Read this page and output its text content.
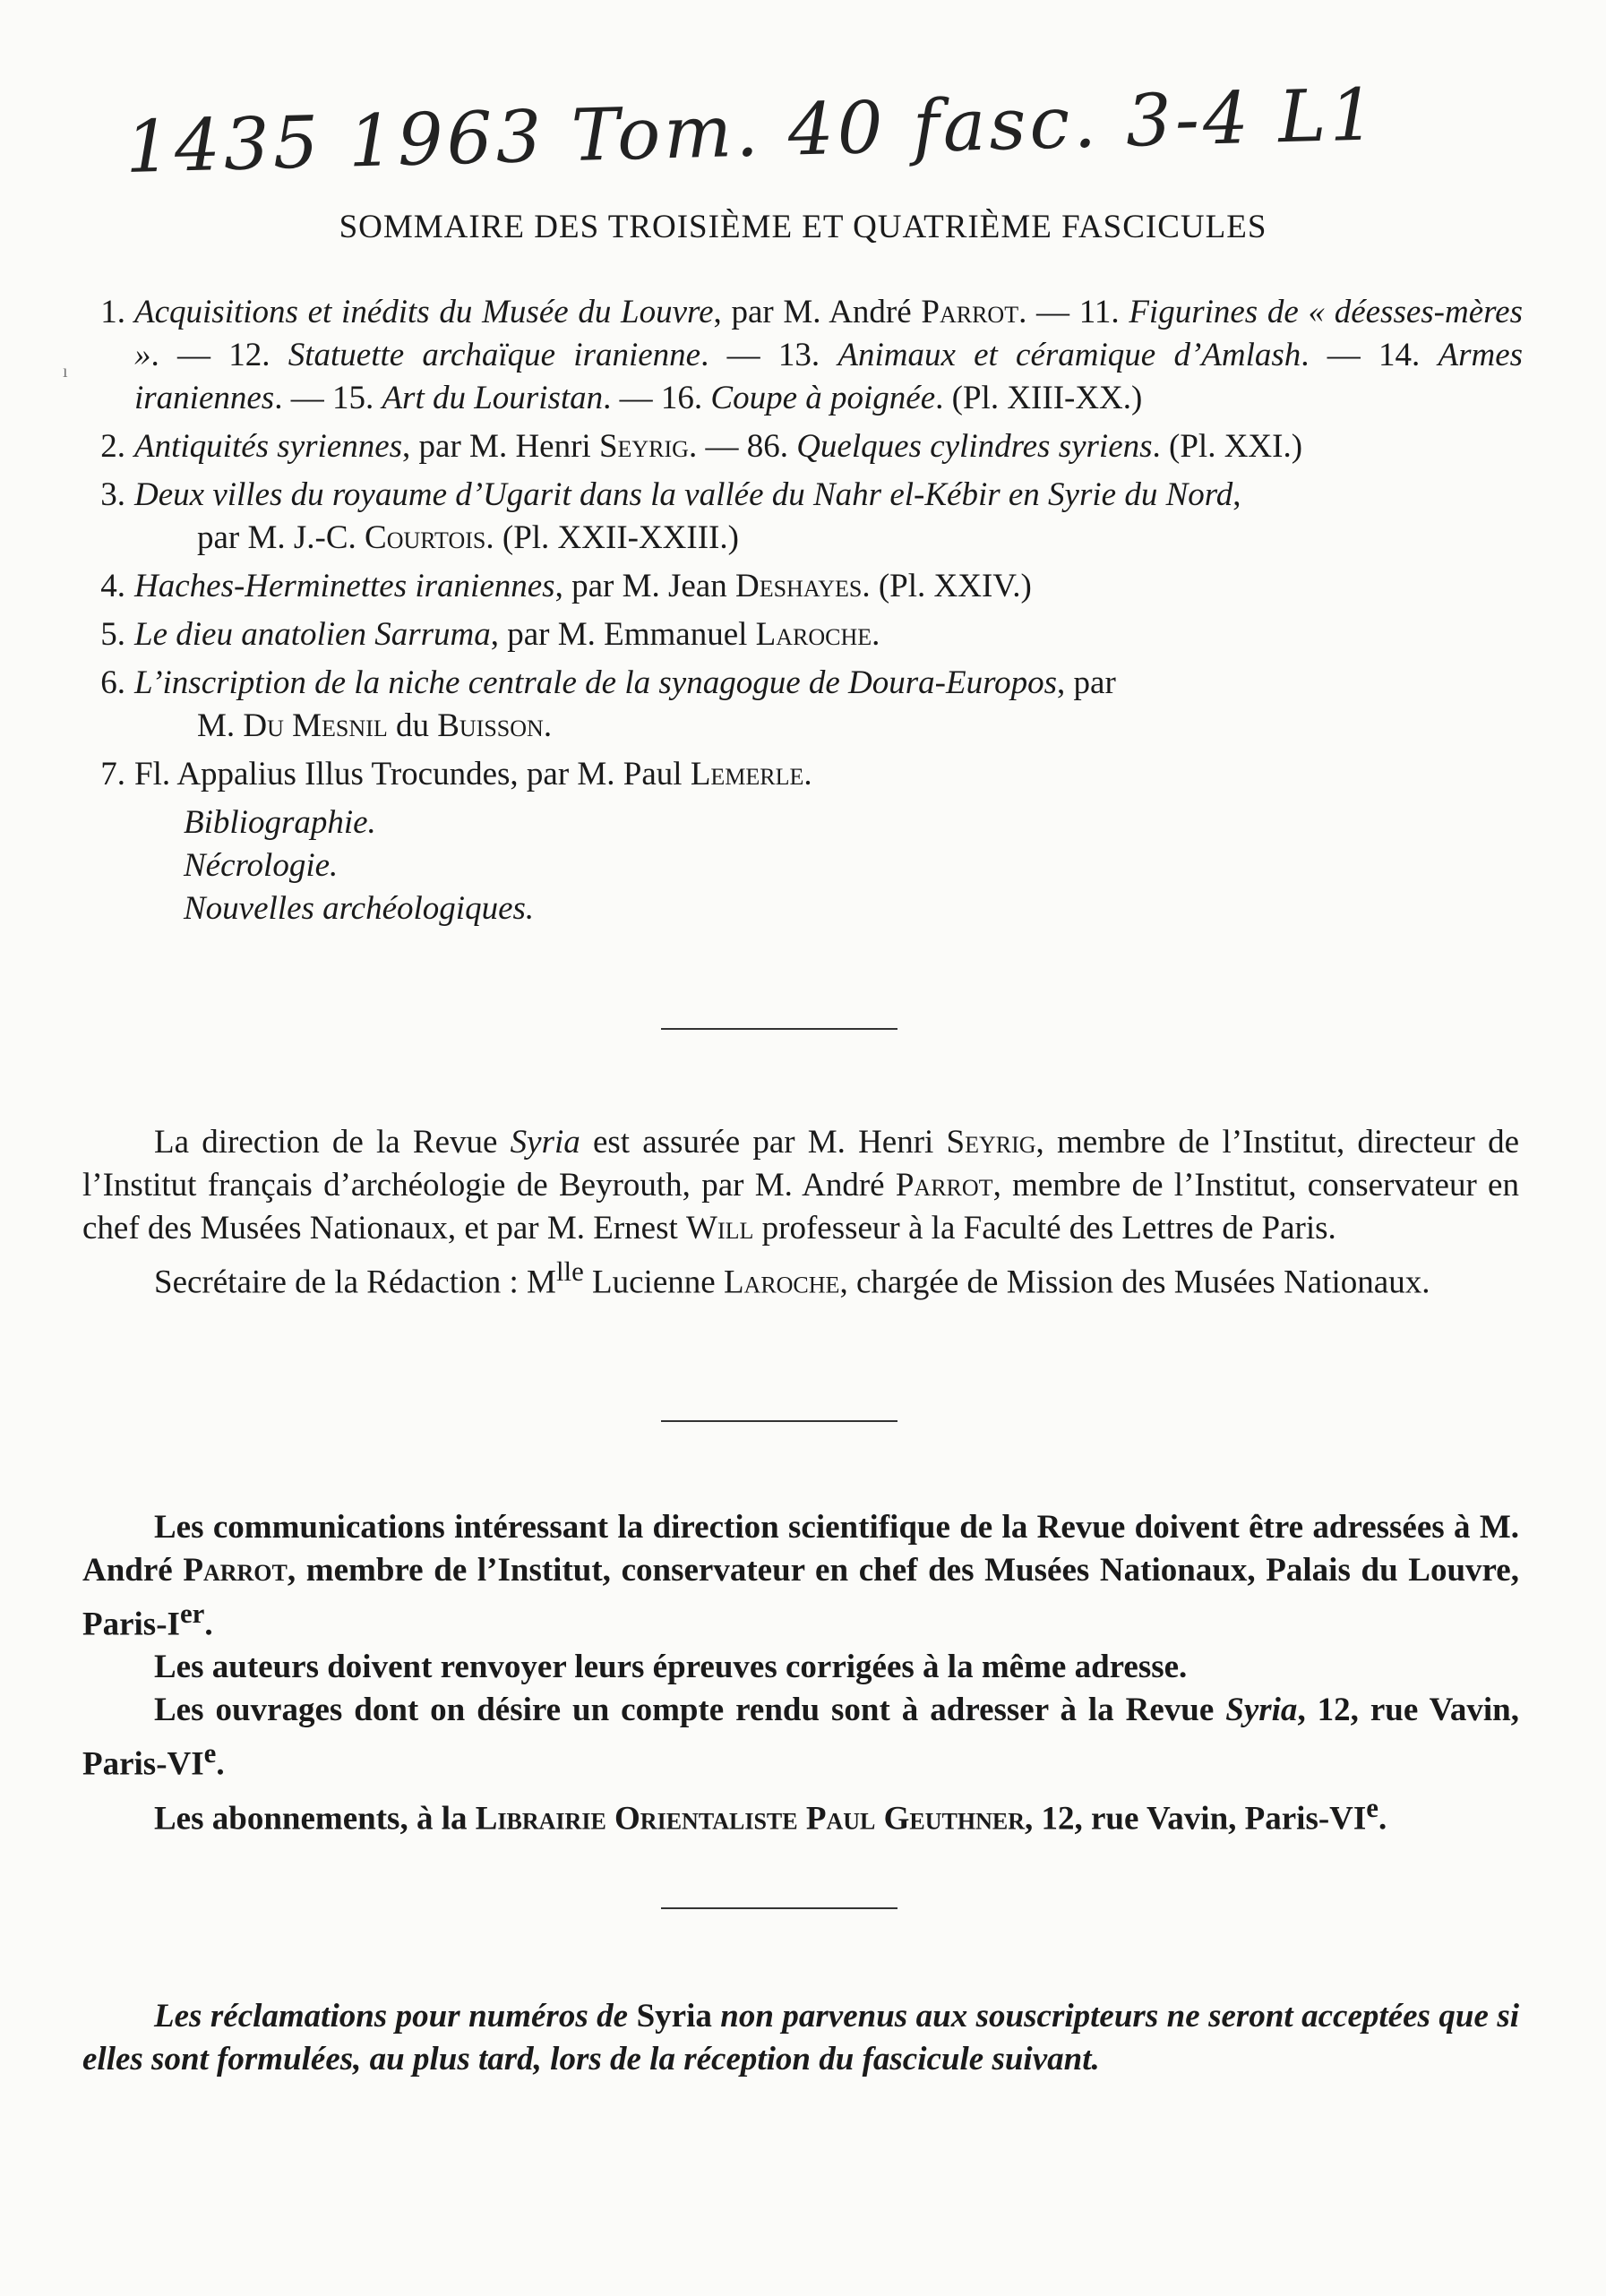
1435 1963 Tom. 40 fasc. 3-4 L1
SOMMAIRE DES TROISIÈME ET QUATRIÈME FASCICULES
ı
1. Acquisitions et inédits du Musée du Louvre, par M. André Parrot. — 11. Figurines de « déesses-mères ». — 12. Statuette archaïque iranienne. — 13. Animaux et céramique d’Amlash. — 14. Armes iraniennes. — 15. Art du Louristan. — 16. Coupe à poignée. (Pl. XIII-XX.)
2. Antiquités syriennes, par M. Henri Seyrig. — 86. Quelques cylindres syriens. (Pl. XXI.)
3. Deux villes du royaume d’Ugarit dans la vallée du Nahr el-Kébir en Syrie du Nord,
par M. J.-C. Courtois. (Pl. XXII-XXIII.)
4. Haches-Herminettes iraniennes, par M. Jean Deshayes. (Pl. XXIV.)
5. Le dieu anatolien Sarruma, par M. Emmanuel Laroche.
6. L’inscription de la niche centrale de la synagogue de Doura-Europos, par
M. Du Mesnil du Buisson.
7. Fl. Appalius Illus Trocundes, par M. Paul Lemerle.
Bibliographie.
Nécrologie.
Nouvelles archéologiques.

La direction de la Revue Syria est assurée par M. Henri Seyrig, membre de l’Institut, directeur de l’Institut français d’archéologie de Beyrouth, par M. André Parrot, membre de l’Institut, conservateur en chef des Musées Nationaux, et par M. Ernest Will professeur à la Faculté des Lettres de Paris.

Secrétaire de la Rédaction : $M^{lle}$ Lucienne Laroche, chargée de Mission des Musées Nationaux.

Les communications intéressant la direction scientifique de la Revue doivent être adressées à M. André Parrot, membre de l’Institut, conservateur en chef des Musées Nationaux, Palais du Louvre, Paris-Ier.

Les auteurs doivent renvoyer leurs épreuves corrigées à la même adresse.

Les ouvrages dont on désire un compte rendu sont à adresser à la Revue Syria, 12, rue Vavin, Paris-VIe.

Les abonnements, à la Librairie Orientaliste Paul Geuthner, 12, rue Vavin, Paris-VIe.

Les réclamations pour numéros de Syria non parvenus aux souscripteurs ne seront acceptées que si elles sont formulées, au plus tard, lors de la réception du fascicule suivant.
